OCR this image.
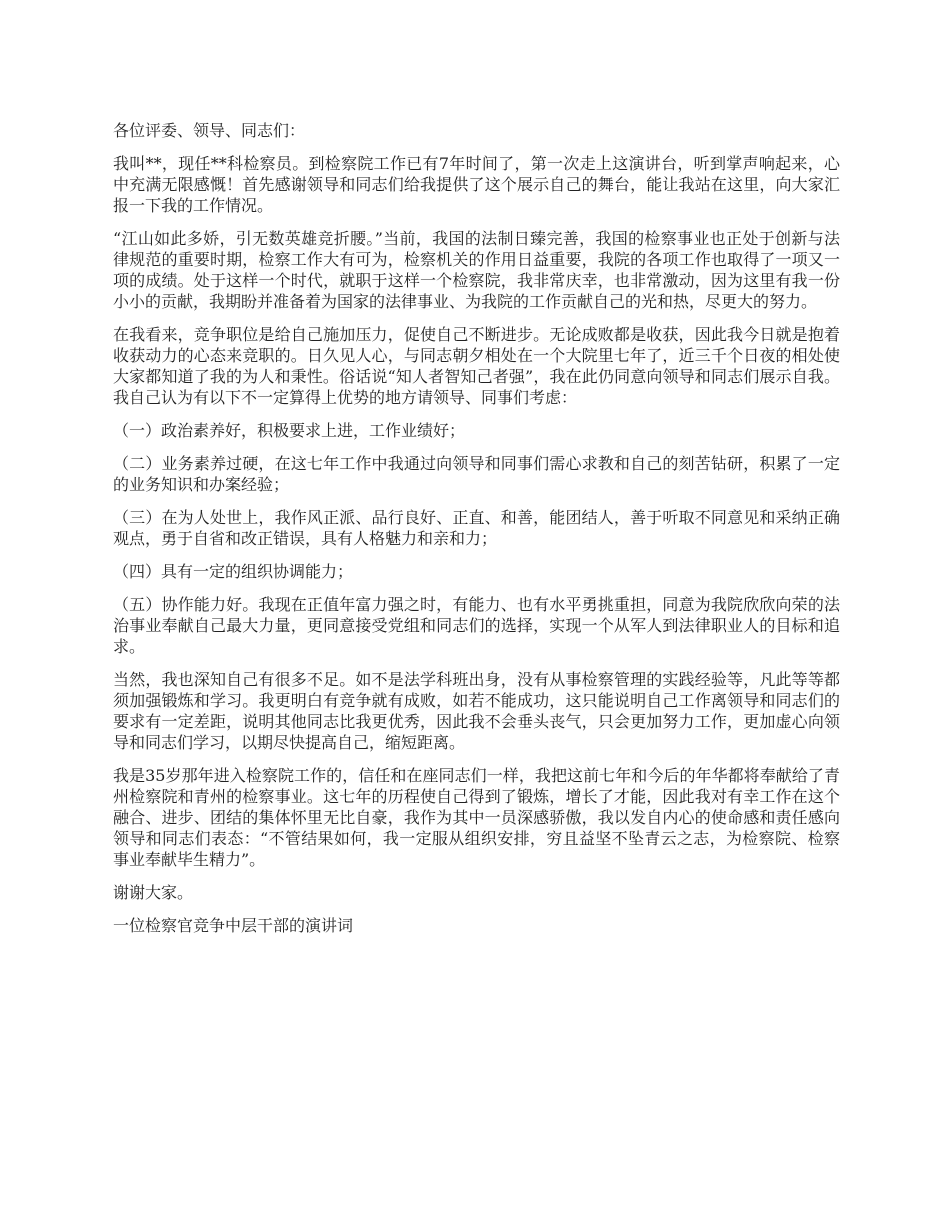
各位评委、领导、同志们：

我叫**，现任**科检察员。到检察院工作已有7年时间了，第一次走上这演讲台，听到掌声响起来，心中充满无限感慨！首先感谢领导和同志们给我提供了这个展示自己的舞台，能让我站在这里，向大家汇报一下我的工作情况。

“江山如此多娇，引无数英雄竞折腰。”当前，我国的法制日臻完善，我国的检察事业也正处于创新与法律规范的重要时期，检察工作大有可为，检察机关的作用日益重要，我院的各项工作也取得了一项又一项的成绩。处于这样一个时代，就职于这样一个检察院，我非常庆幸，也非常激动，因为这里有我一份小小的贡献，我期盼并准备着为国家的法律事业、为我院的工作贡献自己的光和热，尽更大的努力。

在我看来，竞争职位是给自己施加压力，促使自己不断进步。无论成败都是收获，因此我今日就是抱着收获动力的心态来竞职的。日久见人心，与同志朝夕相处在一个大院里七年了，近三千个日夜的相处使大家都知道了我的为人和秉性。俗话说“知人者智知己者强”，我在此仍同意向领导和同志们展示自我。我自己认为有以下不一定算得上优势的地方请领导、同事们考虑：

（一）政治素养好，积极要求上进，工作业绩好；

（二）业务素养过硬，在这七年工作中我通过向领导和同事们需心求教和自己的刻苦钻研，积累了一定的业务知识和办案经验；

（三）在为人处世上，我作风正派、品行良好、正直、和善，能团结人，善于听取不同意见和采纳正确观点，勇于自省和改正错误，具有人格魅力和亲和力；

（四）具有一定的组织协调能力；

（五）协作能力好。我现在正值年富力强之时，有能力、也有水平勇挑重担，同意为我院欣欣向荣的法治事业奉献自己最大力量，更同意接受党组和同志们的选择，实现一个从军人到法律职业人的目标和追求。

当然，我也深知自己有很多不足。如不是法学科班出身，没有从事检察管理的实践经验等，凡此等等都须加强锻炼和学习。我更明白有竞争就有成败，如若不能成功，这只能说明自己工作离领导和同志们的要求有一定差距，说明其他同志比我更优秀，因此我不会垂头丧气，只会更加努力工作，更加虚心向领导和同志们学习，以期尽快提高自己，缩短距离。

我是35岁那年进入检察院工作的，信任和在座同志们一样，我把这前七年和今后的年华都将奉献给了青州检察院和青州的检察事业。这七年的历程使自己得到了锻炼，增长了才能，因此我对有幸工作在这个融合、进步、团结的集体怀里无比自豪，我作为其中一员深感骄傲，我以发自内心的使命感和责任感向领导和同志们表态：“不管结果如何，我一定服从组织安排，穷且益坚不坠青云之志，为检察院、检察事业奉献毕生精力”。

谢谢大家。

一位检察官竞争中层干部的演讲词
